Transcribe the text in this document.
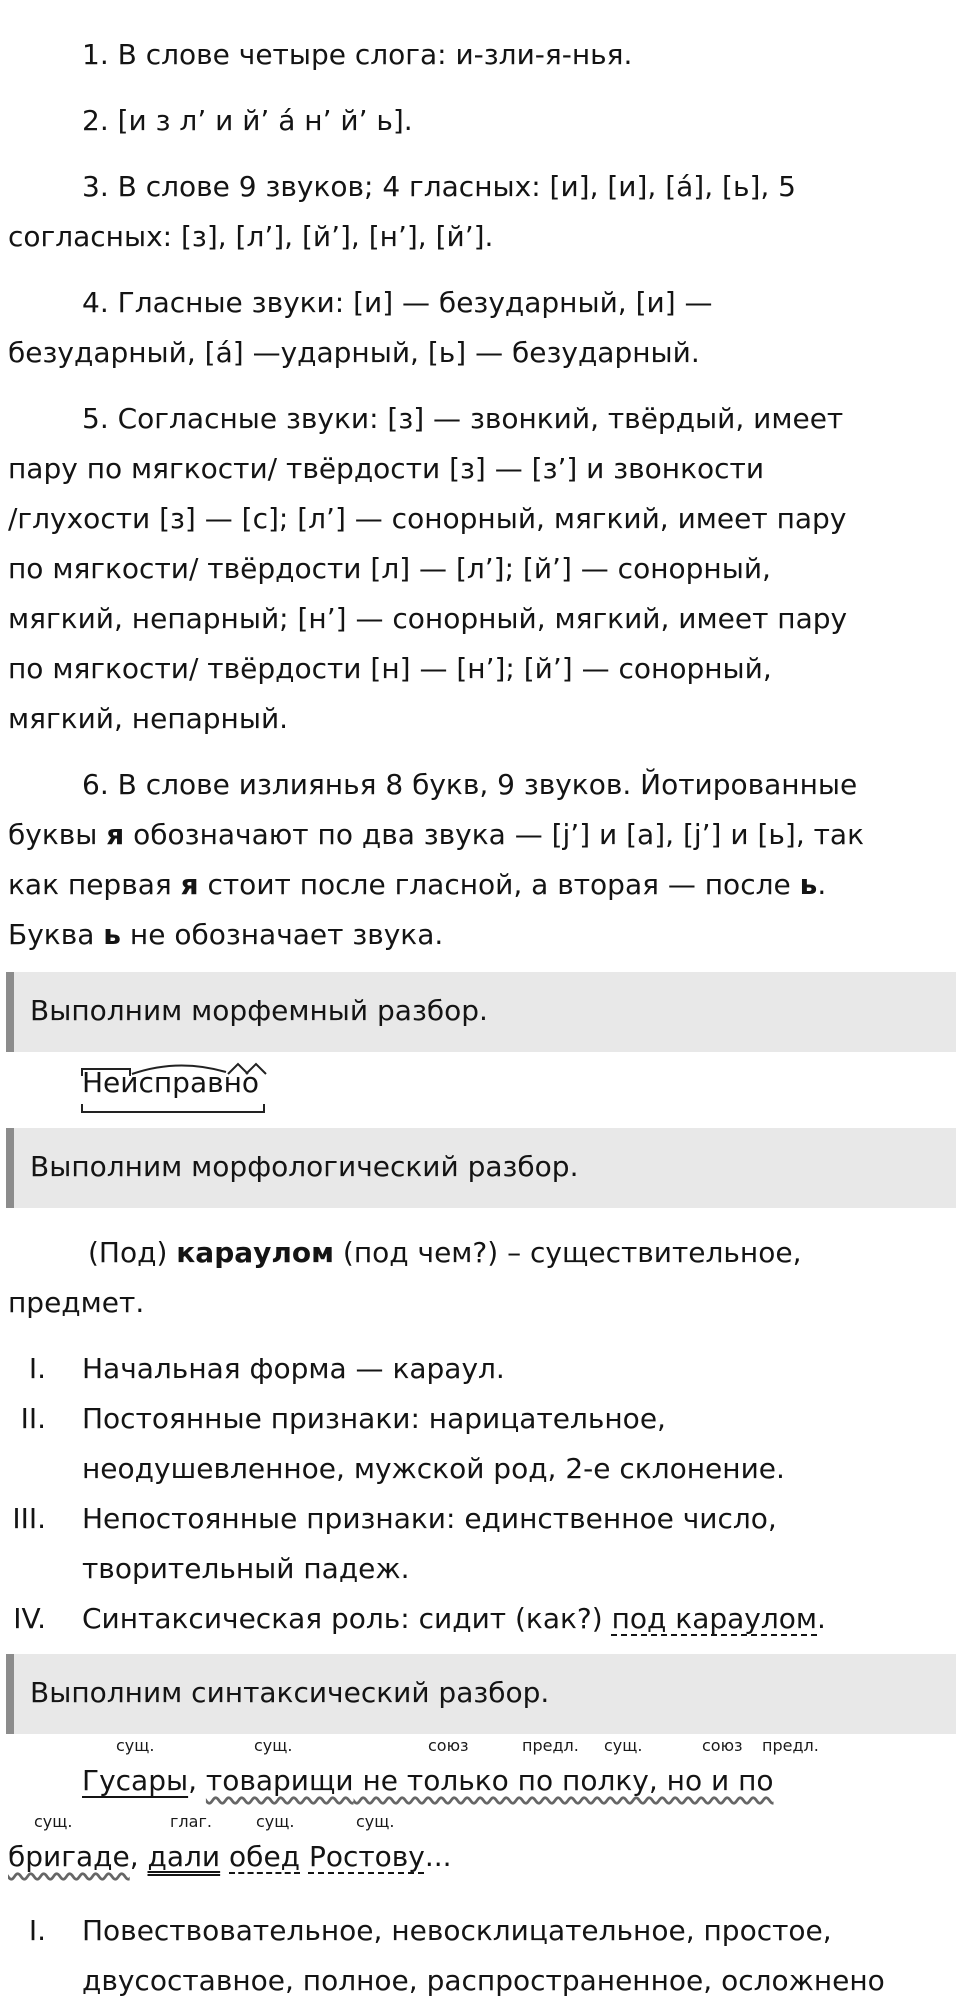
1. В слове четыре слога: и-зли-я-нья.
2. [и з л’ и й’ а́ н’ й’ ь].
3. В слове 9 звуков; 4 гласных: [и], [и], [а́], [ь], 5
согласных: [з], [л’], [й’], [н’], [й’].
4. Гласные звуки: [и] — безударный, [и] —
безударный, [а́] —ударный, [ь] — безударный.
5. Согласные звуки: [з] — звонкий, твёрдый, имеет
пару по мягкости/ твёрдости [з] — [з’] и звонкости
/глухости [з] — [с]; [л’] — сонорный, мягкий, имеет пару
по мягкости/ твёрдости [л] — [л’]; [й’] — сонорный,
мягкий, непарный; [н’] — сонорный, мягкий, имеет пару
по мягкости/ твёрдости [н] — [н’]; [й’] — сонорный,
мягкий, непарный.
6. В слове излиянья 8 букв, 9 звуков. Йотированные
буквы я обозначают по два звука — [j’] и [а], [j’] и [ь], так
как первая я стоит после гласной, а вторая — после ь.
Буква ь не обозначает звука.
Выполним морфемный разбор.
Неисправно
Выполним морфологический разбор.
(Под) караулом (под чем?) – существительное,
предмет.
I. Начальная форма — караул.
II. Постоянные признаки: нарицательное,
неодушевленное, мужской род, 2-е склонение.
III. Непостоянные признаки: единственное число,
творительный падеж.
IV. Синтаксическая роль: сидит (как?) под караулом.
Выполним синтаксический разбор.
сущ.	сущ.	союз	предл. сущ.	союз предл.
Гусары, товарищи не только по полку, но и по
сущ.	глаг.	сущ.	сущ.
бригаде, дали обед Ростову...
I. Повествовательное, невосклицательное, простое,
двусоставное, полное, распространенное, осложнено
